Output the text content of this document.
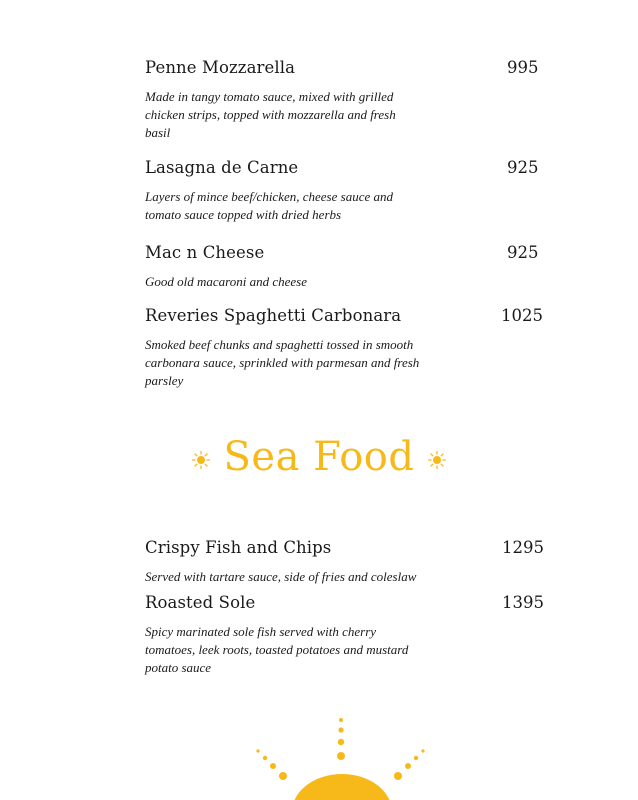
Penne Mozzarella	995
Made in tangy tomato sauce, mixed with grilled chicken strips, topped with mozzarella and fresh basil
Lasagna de Carne	925
Layers of mince beef/chicken, cheese sauce and tomato sauce topped with dried herbs
Mac n Cheese	925
Good old macaroni and cheese
Reveries Spaghetti Carbonara	1025
Smoked beef chunks and spaghetti tossed in smooth carbonara sauce, sprinkled with parmesan and fresh parsley
Sea Food
Crispy Fish and Chips	1295
Served with tartare sauce, side of fries and coleslaw
Roasted Sole	1395
Spicy marinated sole fish served with cherry tomatoes, leek roots, toasted potatoes and mustard potato sauce
